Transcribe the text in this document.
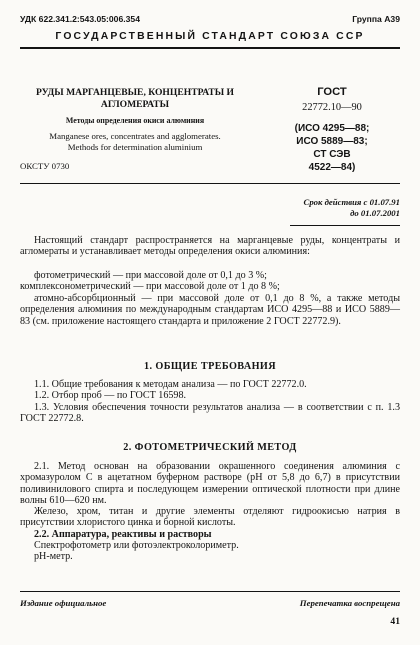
УДК 622.341.2:543.05:006.354	Группа А39
ГОСУДАРСТВЕННЫЙ СТАНДАРТ СОЮЗА ССР
РУДЫ МАРГАНЦЕВЫЕ, КОНЦЕНТРАТЫ И
АГЛОМЕРАТЫ
Методы определения окиси алюминия
Manganese ores, concentrates and agglomerates.
Methods for determination aluminium
ОКСТУ 0730
ГОСТ
22772.10—90
(ИСО 4295—88;
ИСО 5889—83;
СТ СЭВ
4522—84)
Срок действия с 01.07.91
до 01.07.2001

Настоящий стандарт распространяется на марганцевые руды, концентраты и агломераты и устанавливает методы определения окиси алюминия:

фотометрический — при массовой доле от 0,1 до 3 %;
комплексонометрический — при массовой доле от 1 до 8 %;

атомно-абсорбционный — при массовой доле от 0,1 до 8 %, а также методы определения алюминия по международным стандартам ИСО 4295—88 и ИСО 5889—83 (см. приложение настоящего стандарта и приложение 2 ГОСТ 22772.9).

1. ОБЩИЕ ТРЕБОВАНИЯ
1.1. Общие требования к методам анализа — по ГОСТ 22772.0.
1.2. Отбор проб — по ГОСТ 16598.

1.3. Условия обеспечения точности результатов анализа — в соответствии с п. 1.3 ГОСТ 22772.8.

2. ФОТОМЕТРИЧЕСКИЙ МЕТОД

2.1. Метод основан на образовании окрашенного соединения алюминия с хромазуролом С в ацетатном буферном растворе (pH от 5,8 до 6,7) в присутствии поливинилового спирта и последующем измерении оптической плотности при длине волны 610—620 нм.

Железо, хром, титан и другие элементы отделяют гидроокисью натрия в присутствии хлористого цинка и борной кислоты.

2.2. Аппаратура, реактивы и растворы
Спектрофотометр или фотоэлектроколориметр.
pH-метр.
Издание официальное	Перепечатка воспрещена
41
